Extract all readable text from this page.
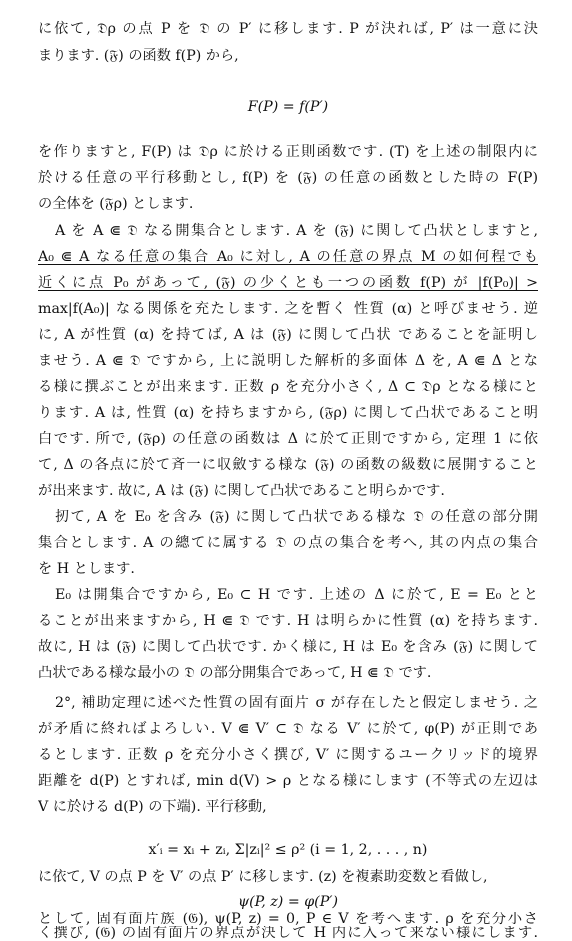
に依て, 𝔇ρ の点 P を 𝔇 の P′ に移します. P が決れば, P′ は一意に決
まります. (𝔉) の函数 f(P) から,
F(P) = f(P′)
を作りますと, F(P) は 𝔇ρ に於ける正則函数です. (T) を上述の制限内に
於ける任意の平行移動とし, f(P) を (𝔉) の任意の函数とした時の F(P)
の全体を (𝔉ρ) とします.
A を A ⋐ 𝔇 なる開集合とします. A を (𝔉) に関して凸状としますと,
A₀ ⋐ A なる任意の集合 A₀ に対し, A の任意の界点 M の如何程でも
近くに点 P₀ があって, (𝔉) の少くとも一つの函数 f(P) が |f(P₀)| >
max|f(A₀)| なる関係を充たします. 之を暫く 性質 (α) と呼びませう. 逆
に, A が性質 (α) を持てば, A は (𝔉) に関して凸状 であることを証明し
ませう. A ⋐ 𝔇 ですから, 上に説明した解析的多面体 Δ を, A ⋐ Δ とな
る様に撰ぶことが出来ます. 正数 ρ を充分小さく, Δ ⊂ 𝔇ρ となる様にと
ります. A は, 性質 (α) を持ちますから, (𝔉ρ) に関して凸状であること明
白です. 所で, (𝔉ρ) の任意の函数は Δ に於て正則ですから, 定理 1 に依
て, Δ の各点に於て斉一に収斂する様な (𝔉) の函数の級数に展開すること
が出来ます. 故に, A は (𝔉) に関して凸状であること明らかです.
扨て, A を E₀ を含み (𝔉) に関して凸状である様な 𝔇 の任意の部分開
集合とします. A の總てに属する 𝔇 の点の集合を考へ, 其の内点の集合
を H とします.
E₀ は開集合ですから, E₀ ⊂ H です. 上述の Δ に於て, E = E₀ とと
ることが出来ますから, H ⋐ 𝔇 です. H は明らかに性質 (α) を持ちます.
故に, H は (𝔉) に関して凸状です. かく様に, H は E₀ を含み (𝔉) に関して
凸状である様な最小の 𝔇 の部分開集合であって, H ⋐ 𝔇 です.
2°, 補助定理に述べた性質の固有面片 σ が存在したと假定しませう. 之
が矛盾に終ればよろしい. V ⋐ V′ ⊂ 𝔇 なる V′ に於て, φ(P) が正則であ
るとします. 正数 ρ を充分小さく撰び, V′ に関するユークリッド的境界
距離を d(P) とすれば, min d(V) > ρ となる様にします (不等式の左辺は
V に於ける d(P) の下端). 平行移動,
x′ᵢ = xᵢ + zᵢ, Σ|zᵢ|² ≤ ρ² (i = 1, 2, . . . , n)
に依て, V の点 P を V′ の点 P′ に移します. (z) を複素助変数と看做し,
ψ(P, z) = φ(P′)
として, 固有面片族 (𝔊), ψ(P, z) = 0, P ∈ V を考へます. ρ を充分小さ
く撰び, (𝔊) の固有面片の界点が決して H 内に入って来ない様にします.
